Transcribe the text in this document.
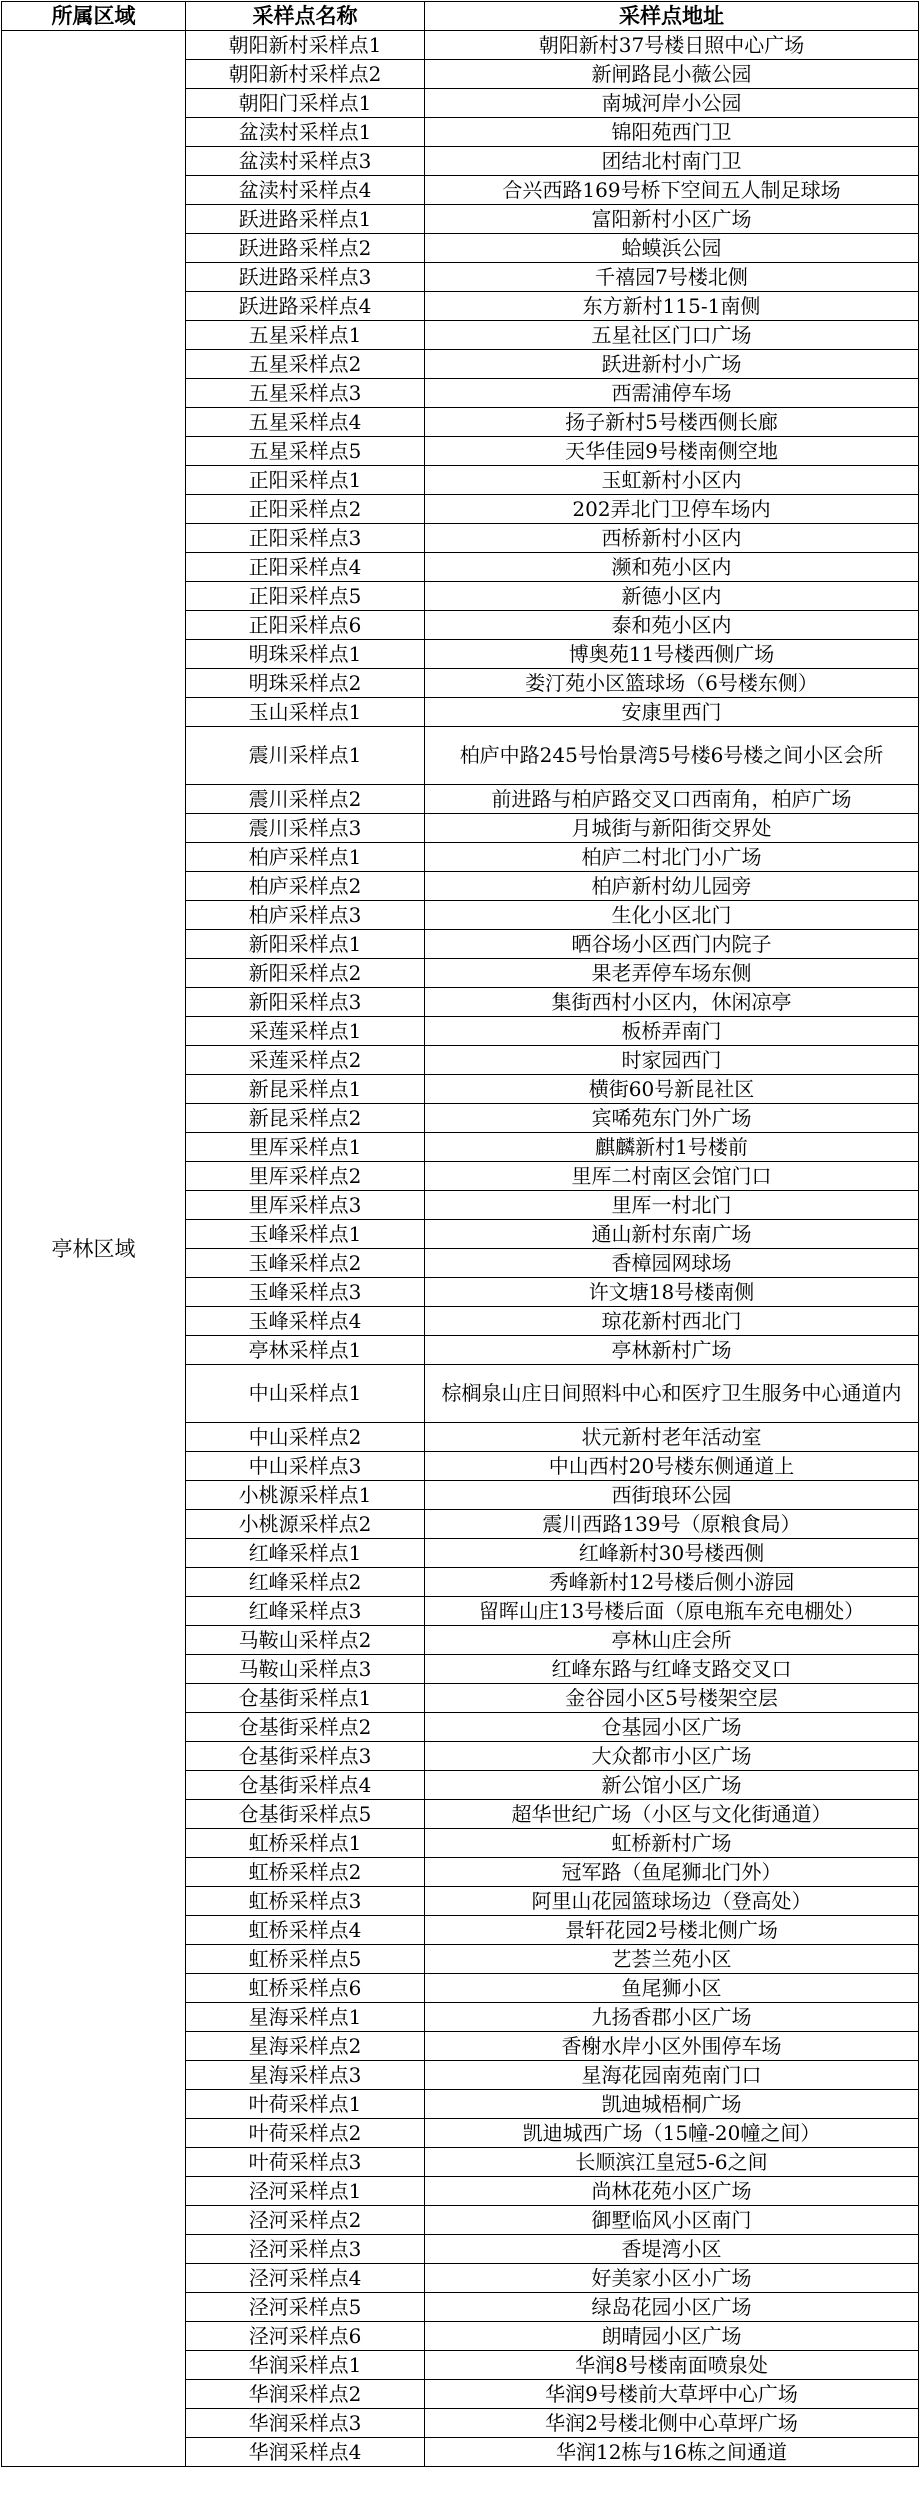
所属区域	采样点名称	采样点地址
亭林区域	朝阳新村采样点1	朝阳新村37号楼日照中心广场
	朝阳新村采样点2	新闸路昆小薇公园
	朝阳门采样点1	南城河岸小公园
	盆渎村采样点1	锦阳苑西门卫
	盆渎村采样点3	团结北村南门卫
	盆渎村采样点4	合兴西路169号桥下空间五人制足球场
	跃进路采样点1	富阳新村小区广场
	跃进路采样点2	蛤蟆浜公园
	跃进路采样点3	千禧园7号楼北侧
	跃进路采样点4	东方新村115-1南侧
	五星采样点1	五星社区门口广场
	五星采样点2	跃进新村小广场
	五星采样点3	西需浦停车场
	五星采样点4	扬子新村5号楼西侧长廊
	五星采样点5	天华佳园9号楼南侧空地
	正阳采样点1	玉虹新村小区内
	正阳采样点2	202弄北门卫停车场内
	正阳采样点3	西桥新村小区内
	正阳采样点4	濒和苑小区内
	正阳采样点5	新德小区内
	正阳采样点6	泰和苑小区内
	明珠采样点1	博奥苑11号楼西侧广场
	明珠采样点2	娄汀苑小区篮球场（6号楼东侧）
	玉山采样点1	安康里西门
	震川采样点1	柏庐中路245号怡景湾5号楼6号楼之间小区会所
	震川采样点2	前进路与柏庐路交叉口西南角，柏庐广场
	震川采样点3	月城街与新阳街交界处
	柏庐采样点1	柏庐二村北门小广场
	柏庐采样点2	柏庐新村幼儿园旁
	柏庐采样点3	生化小区北门
	新阳采样点1	晒谷场小区西门内院子
	新阳采样点2	果老弄停车场东侧
	新阳采样点3	集街西村小区内，休闲凉亭
	采莲采样点1	板桥弄南门
	采莲采样点2	时家园西门
	新昆采样点1	横街60号新昆社区
	新昆采样点2	宾唏苑东门外广场
	里厍采样点1	麒麟新村1号楼前
	里厍采样点2	里厍二村南区会馆门口
	里厍采样点3	里厍一村北门
	玉峰采样点1	通山新村东南广场
	玉峰采样点2	香樟园网球场
	玉峰采样点3	许文塘18号楼南侧
	玉峰采样点4	琼花新村西北门
	亭林采样点1	亭林新村广场
	中山采样点1	棕榈泉山庄日间照料中心和医疗卫生服务中心通道内
	中山采样点2	状元新村老年活动室
	中山采样点3	中山西村20号楼东侧通道上
	小桃源采样点1	西街琅环公园
	小桃源采样点2	震川西路139号（原粮食局）
	红峰采样点1	红峰新村30号楼西侧
	红峰采样点2	秀峰新村12号楼后侧小游园
	红峰采样点3	留晖山庄13号楼后面（原电瓶车充电棚处）
	马鞍山采样点2	亭林山庄会所
	马鞍山采样点3	红峰东路与红峰支路交叉口
	仓基街采样点1	金谷园小区5号楼架空层
	仓基街采样点2	仓基园小区广场
	仓基街采样点3	大众都市小区广场
	仓基街采样点4	新公馆小区广场
	仓基街采样点5	超华世纪广场（小区与文化街通道）
	虹桥采样点1	虹桥新村广场
	虹桥采样点2	冠军路（鱼尾狮北门外）
	虹桥采样点3	阿里山花园篮球场边（登高处）
	虹桥采样点4	景轩花园2号楼北侧广场
	虹桥采样点5	艺荟兰苑小区
	虹桥采样点6	鱼尾狮小区
	星海采样点1	九扬香郡小区广场
	星海采样点2	香榭水岸小区外围停车场
	星海采样点3	星海花园南苑南门口
	叶荷采样点1	凯迪城梧桐广场
	叶荷采样点2	凯迪城西广场（15幢-20幢之间）
	叶荷采样点3	长顺滨江皇冠5-6之间
	泾河采样点1	尚林花苑小区广场
	泾河采样点2	御墅临风小区南门
	泾河采样点3	香堤湾小区
	泾河采样点4	好美家小区小广场
	泾河采样点5	绿岛花园小区广场
	泾河采样点6	朗晴园小区广场
	华润采样点1	华润8号楼南面喷泉处
	华润采样点2	华润9号楼前大草坪中心广场
	华润采样点3	华润2号楼北侧中心草坪广场
	华润采样点4	华润12栋与16栋之间通道
